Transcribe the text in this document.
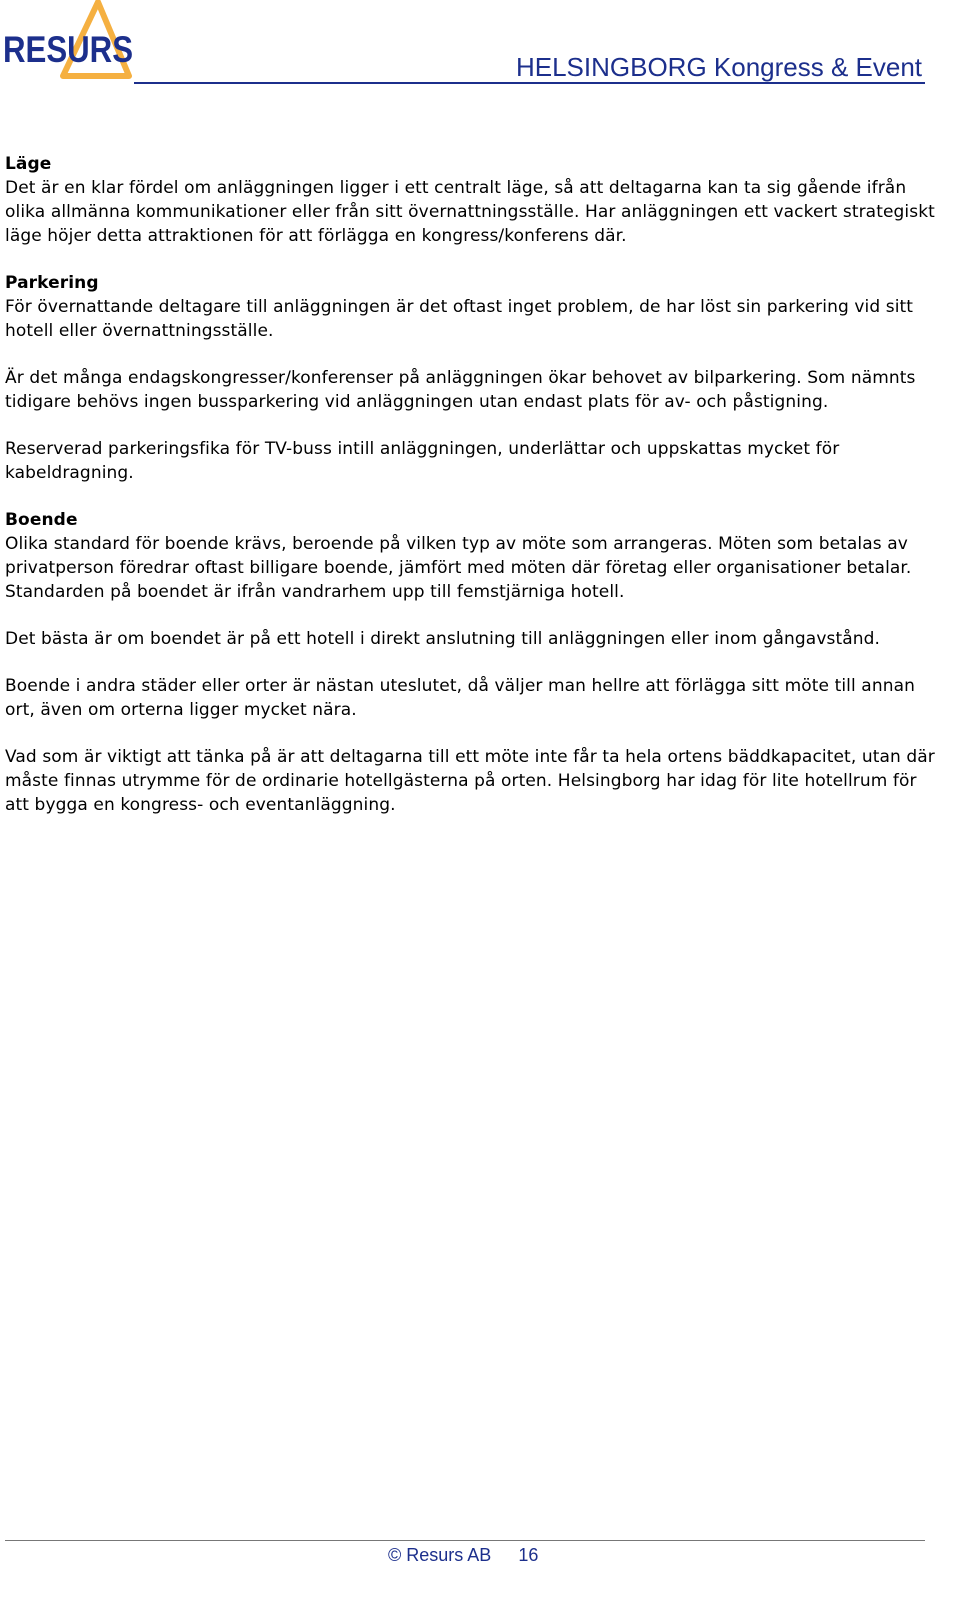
RESURS	HELSINGBORG Kongress & Event
Läge

Det är en klar fördel om anläggningen ligger i ett centralt läge, så att deltagarna kan ta sig gående ifrån olika allmänna kommunikationer eller från sitt övernattningsställe. Har anläggningen ett vackert strategiskt läge höjer detta attraktionen för att förlägga en kongress/konferens där.

Parkering

För övernattande deltagare till anläggningen är det oftast inget problem, de har löst sin parkering vid sitt hotell eller övernattningsställe.

Är det många endagskongresser/konferenser på anläggningen ökar behovet av bilparkering. Som nämnts tidigare behövs ingen bussparkering vid anläggningen utan endast plats för av- och påstigning.

Reserverad parkeringsfika för TV-buss intill anläggningen, underlättar och uppskattas mycket för kabeldragning.

Boende

Olika standard för boende krävs, beroende på vilken typ av möte som arrangeras. Möten som betalas av privatperson föredrar oftast billigare boende, jämfört med möten där företag eller organisationer betalar. Standarden på boendet är ifrån vandrarhem upp till femstjärniga hotell.

Det bästa är om boendet är på ett hotell i direkt anslutning till anläggningen eller inom gångavstånd.

Boende i andra städer eller orter är nästan uteslutet, då väljer man hellre att förlägga sitt möte till annan ort, även om orterna ligger mycket nära.

Vad som är viktigt att tänka på är att deltagarna till ett möte inte får ta hela ortens bäddkapacitet, utan där måste finnas utrymme för de ordinarie hotellgästerna på orten. Helsingborg har idag för lite hotellrum för att bygga en kongress- och eventanläggning.

© Resurs AB 16
